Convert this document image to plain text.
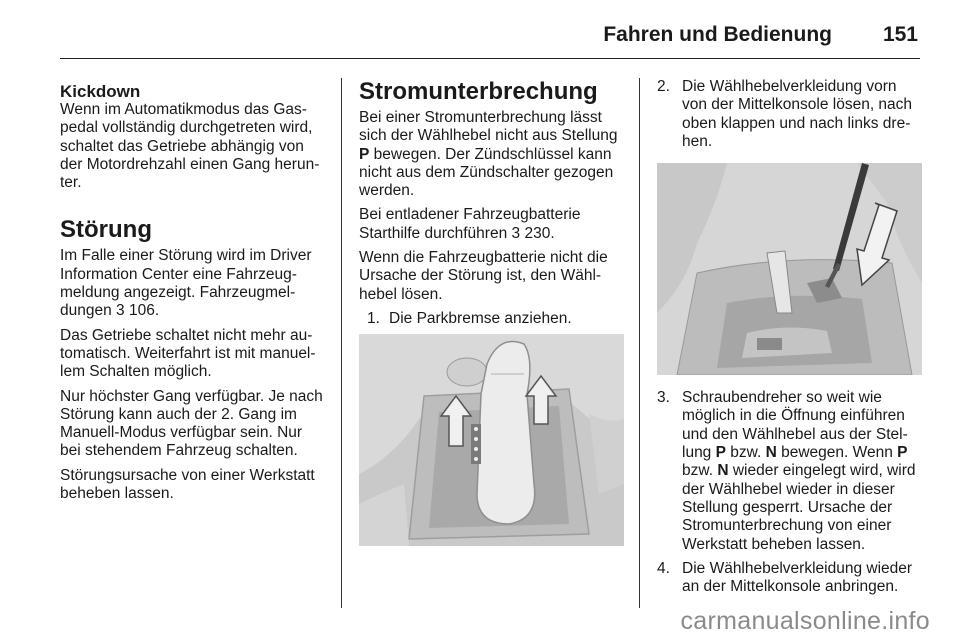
Fahren und Bedienung 151
Kickdown

Wenn im Automatikmodus das Gaspedal vollständig durchgetreten wird, schaltet das Getriebe abhängig von der Motordrehzahl einen Gang herunter.

Störung

Im Falle einer Störung wird im Driver Information Center eine Fahrzeugmeldung angezeigt. Fahrzeugmeldungen 3 106.

Das Getriebe schaltet nicht mehr automatisch. Weiterfahrt ist mit manuellem Schalten möglich.

Nur höchster Gang verfügbar. Je nach Störung kann auch der 2. Gang im Manuell-Modus verfügbar sein. Nur bei stehendem Fahrzeug schalten.

Störungsursache von einer Werkstatt beheben lassen.

Stromunterbrechung

Bei einer Stromunterbrechung lässt sich der Wählhebel nicht aus Stellung P bewegen. Der Zündschlüssel kann nicht aus dem Zündschalter gezogen werden.

Bei entladener Fahrzeugbatterie Starthilfe durchführen 3 230.

Wenn die Fahrzeugbatterie nicht die Ursache der Störung ist, den Wählhebel lösen.

1. Die Parkbremse anziehen.
2. Die Wählhebelverkleidung vorn von der Mittelkonsole lösen, nach oben klappen und nach links drehen.
3. Schraubendreher so weit wie möglich in die Öffnung einführen und den Wählhebel aus der Stellung P bzw. N bewegen. Wenn P bzw. N wieder eingelegt wird, wird der Wählhebel wieder in dieser Stellung gesperrt. Ursache der Stromunterbrechung von einer Werkstatt beheben lassen.
4. Die Wählhebelverkleidung wieder an der Mittelkonsole anbringen.
carmanualsonline.info
